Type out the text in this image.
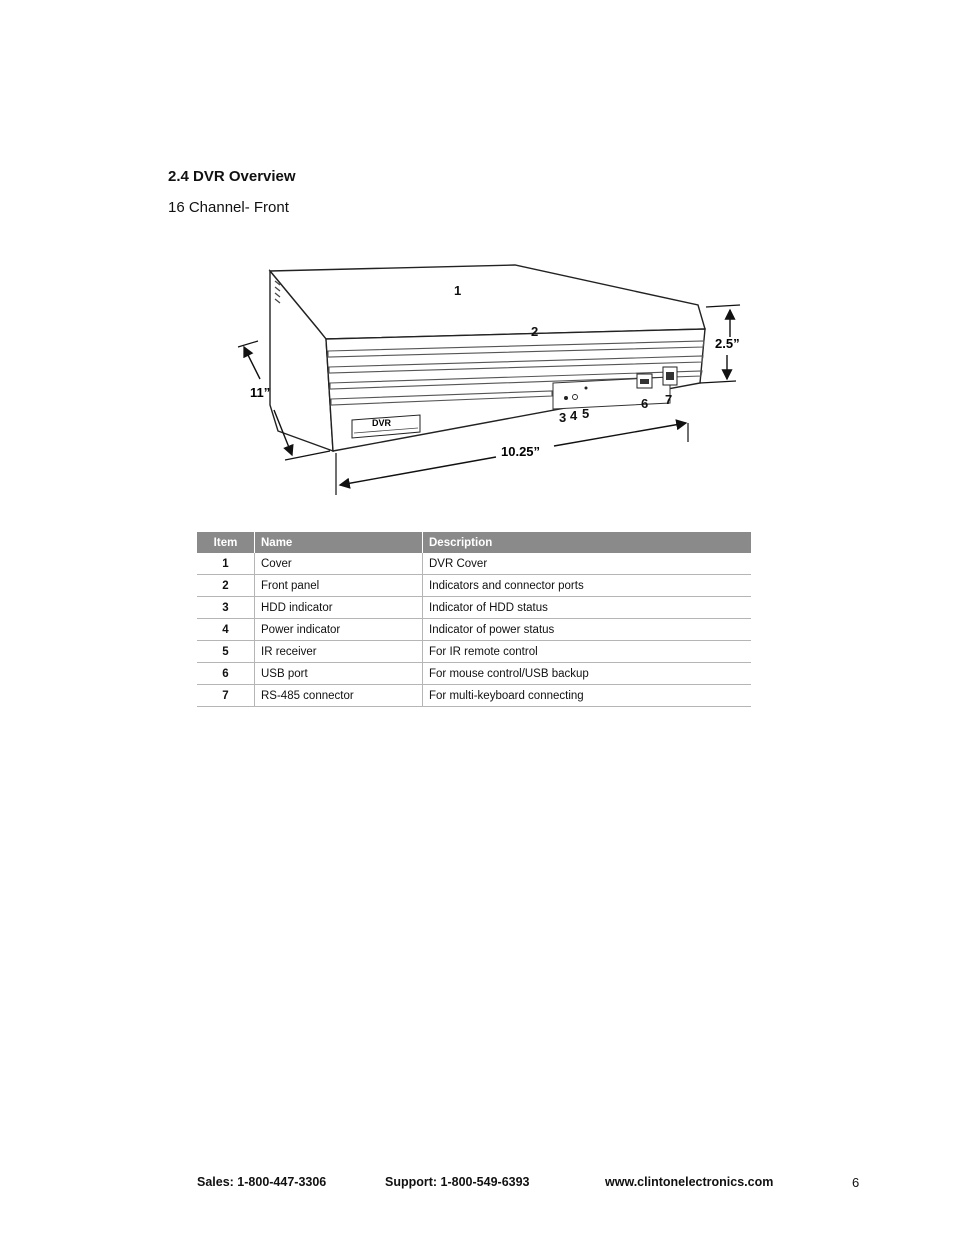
2.4 DVR Overview
16 Channel- Front
DVR
1
2
3 4 5
6 7
2.5”
11”
10.25”
Item	Name	Description
1	Cover	DVR Cover
2	Front panel	Indicators and connector ports
3	HDD indicator	Indicator of HDD status
4	Power indicator	Indicator of power status
5	IR receiver	For IR remote control
6	USB port	For mouse control/USB backup
7	RS-485 connector	For multi-keyboard connecting
Sales: 1-800-447-3306	Support: 1-800-549-6393	www.clintonelectronics.com	6
